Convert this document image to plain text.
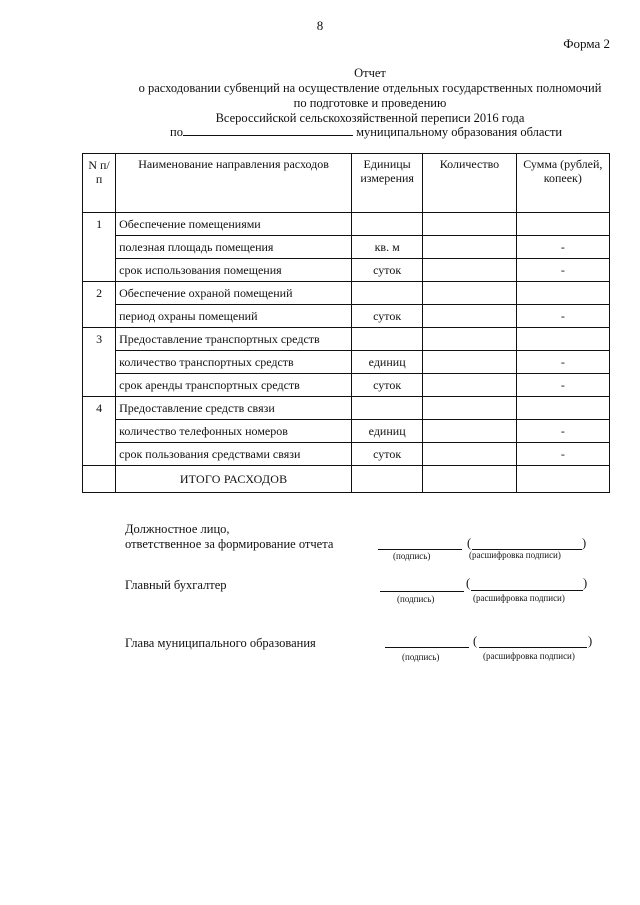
8
Форма 2
Отчет
о расходовании субвенций на осуществление отдельных государственных полномочий
по подготовке и проведению
Всероссийской сельскохозяйственной переписи 2016 года
по	муниципальному образования области
N п/п	Наименование направления расходов	Единицы измерения	Количество	Сумма (рублей, копеек)
1	Обеспечение помещениями			
	полезная площадь помещения	кв. м		-
	срок использования помещения	суток		-
2	Обеспечение охраной помещений			
	период охраны помещений	суток		-
3	Предоставление транспортных средств			
	количество транспортных средств	единиц		-
	срок аренды транспортных средств	суток		-
4	Предоставление средств связи			
	количество телефонных номеров	единиц		-
	срок пользования средствами связи	суток		-
	ИТОГО РАСХОДОВ			
Должностное лицо,
ответственное за формирование отчета	(	)
(подпись)	(расшифровка подписи)
Главный бухгалтер	(	)
(подпись)	(расшифровка подписи)
Глава муниципального образования	(	)
(подпись)	(расшифровка подписи)
